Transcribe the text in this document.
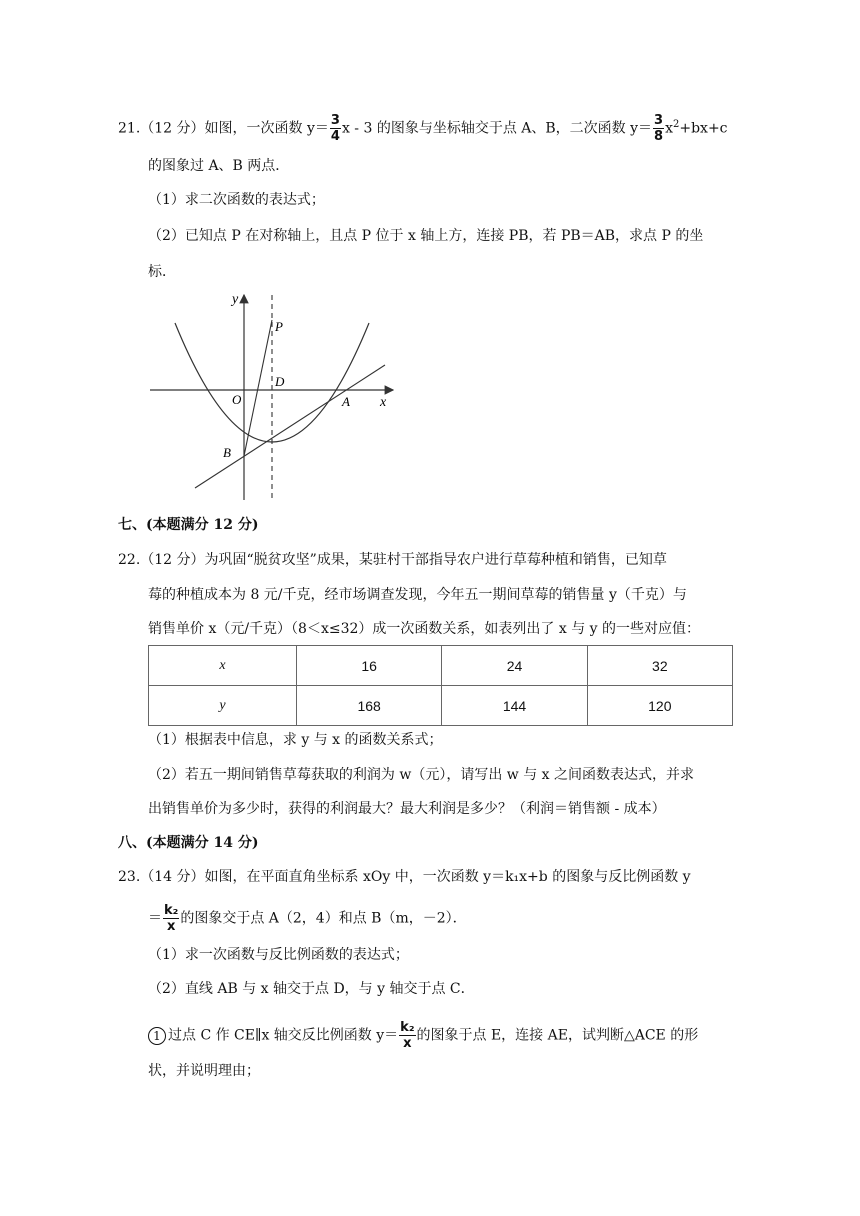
21.（12 分）如图，一次函数 $y= \frac{3}{4}$ x ‑ 3 的图象与坐标轴交于点 A、B，二次函数 $y= \frac{3}{8} x^2+bx+c$
的图象过 A、B 两点．
（1）求二次函数的表达式；
（2）已知点 P 在对称轴上，且点 P 位于 x 轴上方，连接 PB，若 PB＝AB，求点 P 的坐
标．
y
x
O	A
B
D
P
七、(本题满分 12 分)
22.（12 分）为巩固“脱贫攻坚”成果，某驻村干部指导农户进行草莓种植和销售，已知草
莓的种植成本为 8 元/千克，经市场调查发现，今年五一期间草莓的销售量 y（千克）与
销售单价 x（元/千克）（8＜x≤32）成一次函数关系，如表列出了 x 与 y 的一些对应值：
x	16	24	32
y	168	144	120
（1）根据表中信息，求 y 与 x 的函数关系式；
（2）若五一期间销售草莓获取的利润为 w（元），请写出 w 与 x 之间函数表达式，并求
出销售单价为多少时，获得的利润最大？最大利润是多少？（利润＝销售额 ‑ 成本）
八、(本题满分 14 分)
23.（14 分）如图，在平面直角坐标系 xOy 中，一次函数 y＝k₁x+b 的图象与反比例函数 y
＝ $\frac{\text{k₂}}{x}$ 的图象交于点 A（2，4）和点 B（m，－2）．
（1）求一次函数与反比例函数的表达式；
（2）直线 AB 与 x 轴交于点 D，与 y 轴交于点 C．
1 过点 C 作 CE∥x 轴交反比例函数 $y= \frac{\text{k₂}}{x}$ 的图象于点 E，连接 AE，试判断△ACE 的形
状，并说明理由；
